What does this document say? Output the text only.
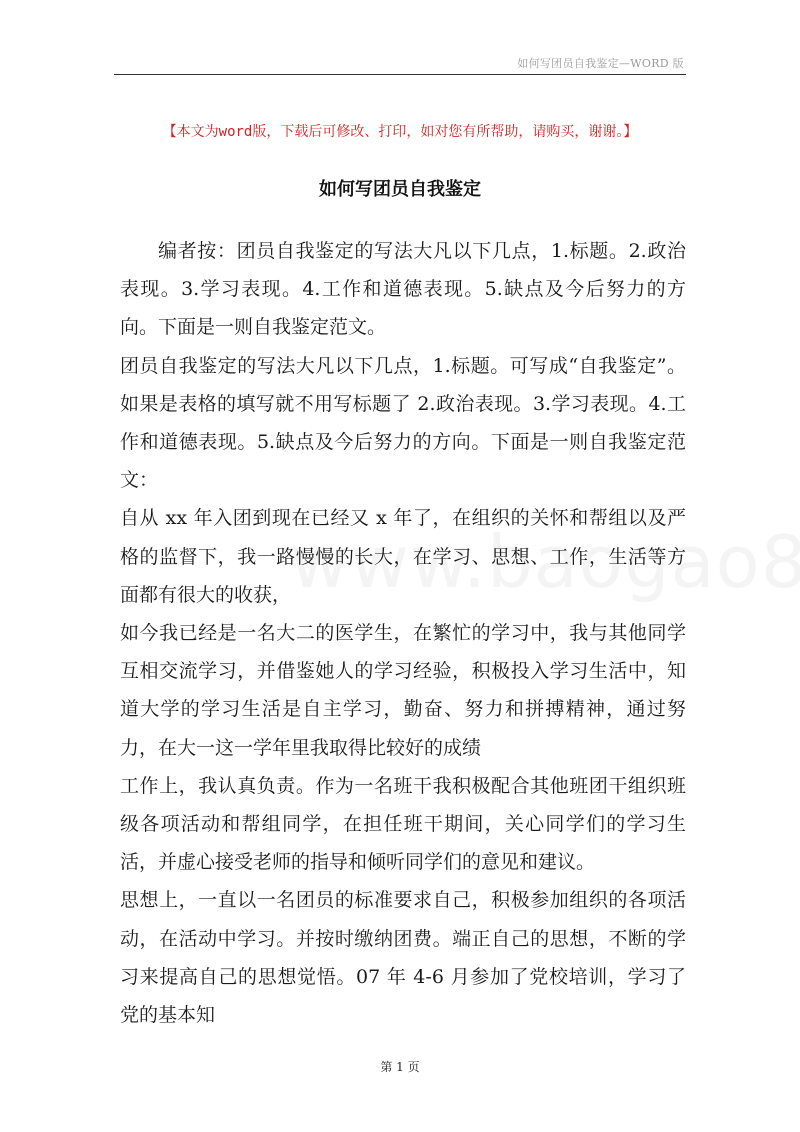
如何写团员自我鉴定—WORD 版
【本文为word版，下载后可修改、打印，如对您有所帮助，请购买，谢谢。】
如何写团员自我鉴定

编者按：团员自我鉴定的写法大凡以下几点，1.标题。2.政治表现。3.学习表现。4.工作和道德表现。5.缺点及今后努力的方向。下面是一则自我鉴定范文。

团员自我鉴定的写法大凡以下几点，1.标题。可写成“自我鉴定”。如果是表格的填写就不用写标题了 2.政治表现。3.学习表现。4.工作和道德表现。5.缺点及今后努力的方向。下面是一则自我鉴定范文：

自从 xx 年入团到现在已经又 x 年了，在组织的关怀和帮组以及严格的监督下，我一路慢慢的长大，在学习、思想、工作，生活等方面都有很大的收获，

如今我已经是一名大二的医学生，在繁忙的学习中，我与其他同学互相交流学习，并借鉴她人的学习经验，积极投入学习生活中，知道大学的学习生活是自主学习，勤奋、努力和拼搏精神，通过努力，在大一这一学年里我取得比较好的成绩

工作上，我认真负责。作为一名班干我积极配合其他班团干组织班级各项活动和帮组同学，在担任班干期间，关心同学们的学习生活，并虚心接受老师的指导和倾听同学们的意见和建议。

思想上，一直以一名团员的标准要求自己，积极参加组织的各项活动，在活动中学习。并按时缴纳团费。端正自己的思想，不断的学习来提高自己的思想觉悟。07 年 4-6 月参加了党校培训，学习了党的基本知

第 1 页
